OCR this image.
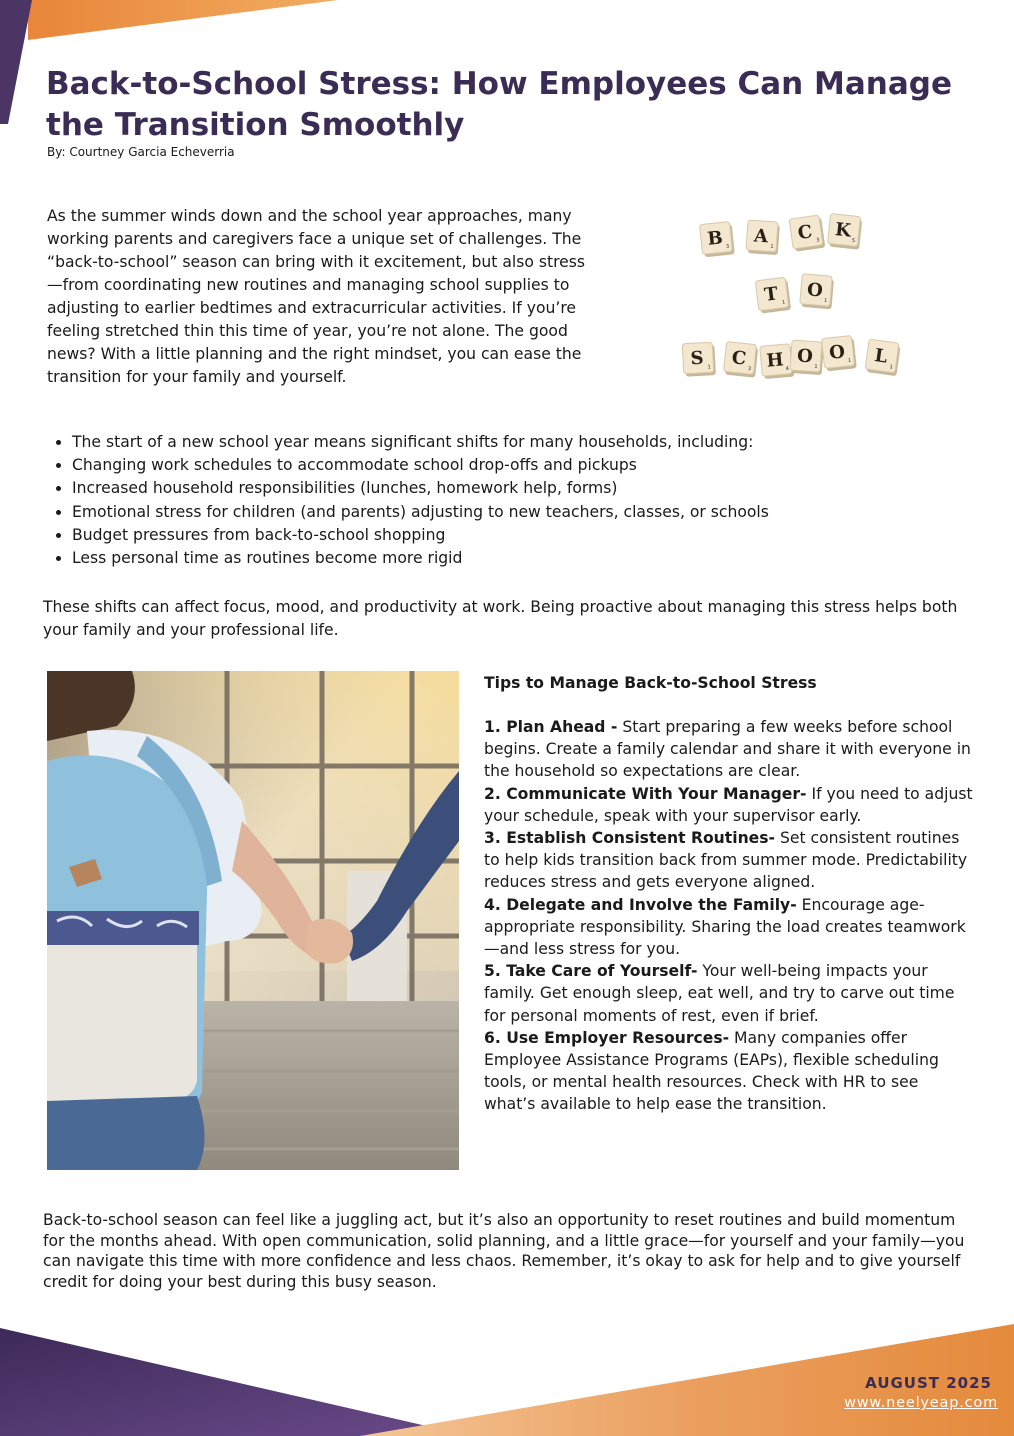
Back-to-School Stress: How Employees Can Manage the Transition Smoothly
By: Courtney Garcia Echeverria

As the summer winds down and the school year approaches, many working parents and caregivers face a unique set of challenges. The “back-to-school” season can bring with it excitement, but also stress—from coordinating new routines and managing school supplies to adjusting to earlier bedtimes and extracurricular activities. If you’re feeling stretched thin this time of year, you’re not alone. The good news? With a little planning and the right mindset, you can ease the transition for your family and yourself.

B 3 A 1
C 3 K 5
T 1
O 1
S 1 C 3 H 4
O 1
O 1 L 1
• The start of a new school year means significant shifts for many households, including:
• Changing work schedules to accommodate school drop-offs and pickups
• Increased household responsibilities (lunches, homework help, forms)
• Emotional stress for children (and parents) adjusting to new teachers, classes, or schools
• Budget pressures from back-to-school shopping
• Less personal time as routines become more rigid

These shifts can affect focus, mood, and productivity at work. Being proactive about managing this stress helps both your family and your professional life.

Tips to Manage Back-to-School Stress

1. Plan Ahead - Start preparing a few weeks before school begins. Create a family calendar and share it with everyone in the household so expectations are clear.

2. Communicate With Your Manager- If you need to adjust your schedule, speak with your supervisor early.

3. Establish Consistent Routines- Set consistent routines to help kids transition back from summer mode. Predictability reduces stress and gets everyone aligned.

4. Delegate and Involve the Family- Encourage age-appropriate responsibility. Sharing the load creates teamwork—and less stress for you.

5. Take Care of Yourself- Your well-being impacts your family. Get enough sleep, eat well, and try to carve out time for personal moments of rest, even if brief.

6. Use Employer Resources- Many companies offer Employee Assistance Programs (EAPs), flexible scheduling tools, or mental health resources. Check with HR to see what’s available to help ease the transition.

Back-to-school season can feel like a juggling act, but it’s also an opportunity to reset routines and build momentum for the months ahead. With open communication, solid planning, and a little grace—for yourself and your family—you can navigate this time with more confidence and less chaos. Remember, it’s okay to ask for help and to give yourself credit for doing your best during this busy season.

AUGUST 2025
www.neelyeap.com
